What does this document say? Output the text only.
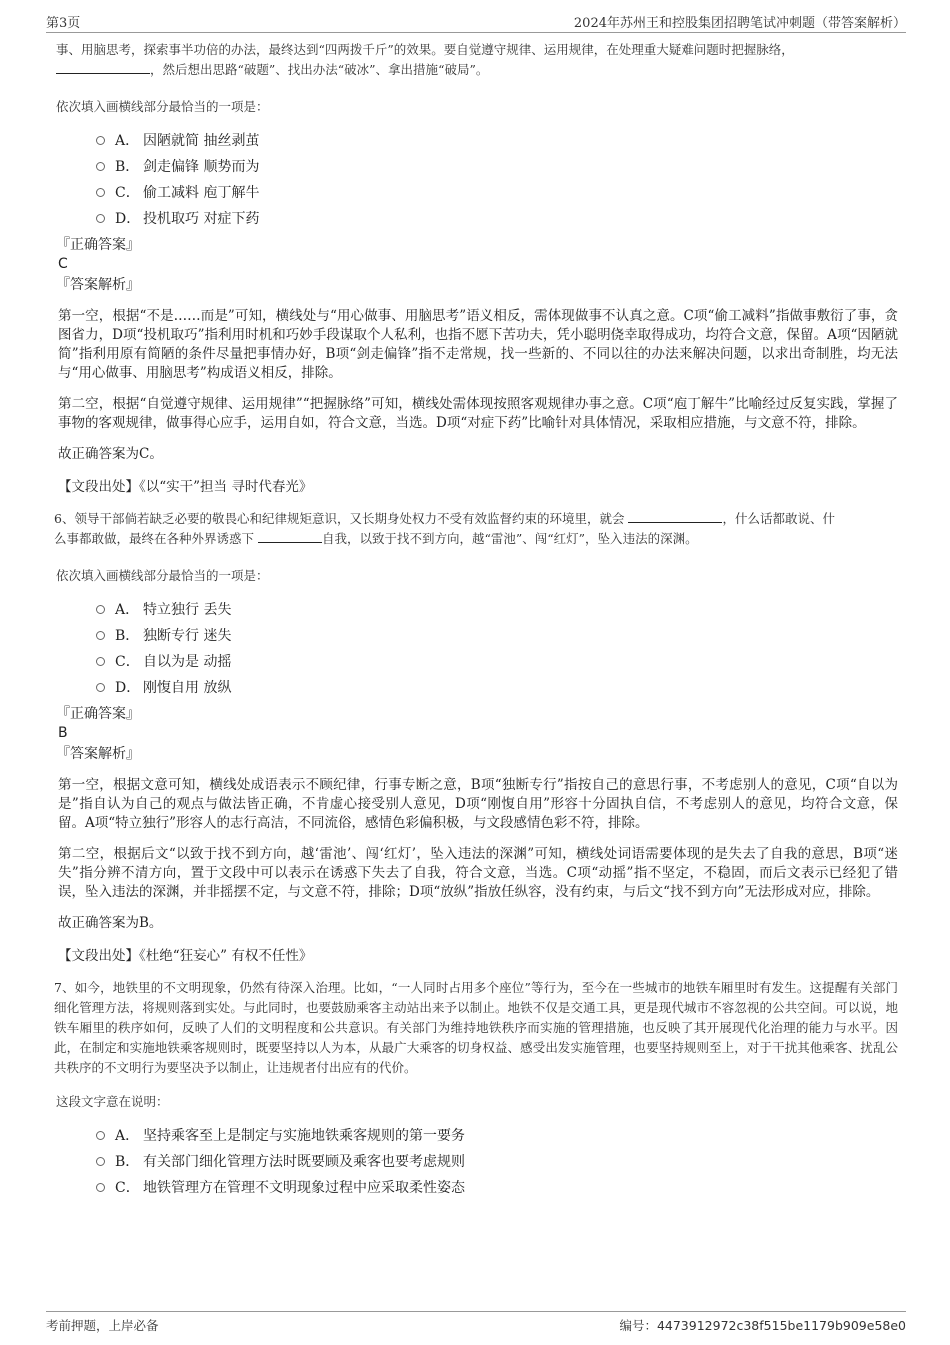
第3页	2024年苏州王和控股集团招聘笔试冲刺题（带答案解析）
事、用脑思考，探索事半功倍的办法，最终达到“四两拨千斤”的效果。要自觉遵守规律、运用规律，在处理重大疑难问题时把握脉络，
，然后想出思路“破题”、找出办法“破冰”、拿出措施“破局”。
依次填入画横线部分最恰当的一项是：
A． 因陋就简 抽丝剥茧
B． 剑走偏锋 顺势而为
C． 偷工减料 庖丁解牛
D． 投机取巧 对症下药
『正确答案』
C
『答案解析』
第一空，根据“不是……而是”可知，横线处与“用心做事、用脑思考”语义相反，需体现做事不认真之意。C项“偷工减料”指做事敷衍了事，贪图省力，D项“投机取巧”指利用时机和巧妙手段谋取个人私利，也指不愿下苦功夫，凭小聪明侥幸取得成功，均符合文意，保留。A项“因陋就简”指利用原有简陋的条件尽量把事情办好，B项“剑走偏锋”指不走常规，找一些新的、不同以往的办法来解决问题，以求出奇制胜，均无法与“用心做事、用脑思考”构成语义相反，排除。
第二空，根据“自觉遵守规律、运用规律”“把握脉络”可知，横线处需体现按照客观规律办事之意。C项“庖丁解牛”比喻经过反复实践，掌握了事物的客观规律，做事得心应手，运用自如，符合文意，当选。D项“对症下药”比喻针对具体情况，采取相应措施，与文意不符，排除。
故正确答案为C。
【文段出处】《以“实干”担当 寻时代春光》
6、领导干部倘若缺乏必要的敬畏心和纪律规矩意识，又长期身处权力不受有效监督约束的环境里，就会	，什么话都敢说、什
么事都敢做，最终在各种外界诱惑下	自我，以致于找不到方向，越“雷池”、闯“红灯”，坠入违法的深渊。
依次填入画横线部分最恰当的一项是：
A． 特立独行 丢失
B． 独断专行 迷失
C． 自以为是 动摇
D． 刚愎自用 放纵
『正确答案』
B
『答案解析』
第一空，根据文意可知，横线处成语表示不顾纪律，行事专断之意，B项“独断专行”指按自己的意思行事，不考虑别人的意见，C项“自以为是”指自认为自己的观点与做法皆正确，不肯虚心接受别人意见，D项“刚愎自用”形容十分固执自信，不考虑别人的意见，均符合文意，保留。A项“特立独行”形容人的志行高洁，不同流俗，感情色彩偏积极，与文段感情色彩不符，排除。
第二空，根据后文“以致于找不到方向，越‘雷池’、闯‘红灯’，坠入违法的深渊”可知，横线处词语需要体现的是失去了自我的意思，B项“迷失”指分辨不清方向，置于文段中可以表示在诱惑下失去了自我，符合文意，当选。C项“动摇”指不坚定，不稳固，而后文表示已经犯了错误，坠入违法的深渊，并非摇摆不定，与文意不符，排除；D项“放纵”指放任纵容，没有约束，与后文“找不到方向”无法形成对应，排除。
故正确答案为B。
【文段出处】《杜绝“狂妄心” 有权不任性》
7、如今，地铁里的不文明现象，仍然有待深入治理。比如，“一人同时占用多个座位”等行为，至今在一些城市的地铁车厢里时有发生。这提醒有关部门细化管理方法，将规则落到实处。与此同时，也要鼓励乘客主动站出来予以制止。地铁不仅是交通工具，更是现代城市不容忽视的公共空间。可以说，地铁车厢里的秩序如何，反映了人们的文明程度和公共意识。有关部门为维持地铁秩序而实施的管理措施，也反映了其开展现代化治理的能力与水平。因此，在制定和实施地铁乘客规则时，既要坚持以人为本，从最广大乘客的切身权益、感受出发实施管理，也要坚持规则至上，对于干扰其他乘客、扰乱公共秩序的不文明行为要坚决予以制止，让违规者付出应有的代价。
这段文字意在说明：
A． 坚持乘客至上是制定与实施地铁乘客规则的第一要务
B． 有关部门细化管理方法时既要顾及乘客也要考虑规则
C． 地铁管理方在管理不文明现象过程中应采取柔性姿态
考前押题，上岸必备	编号：4473912972c38f515be1179b909e58e0
